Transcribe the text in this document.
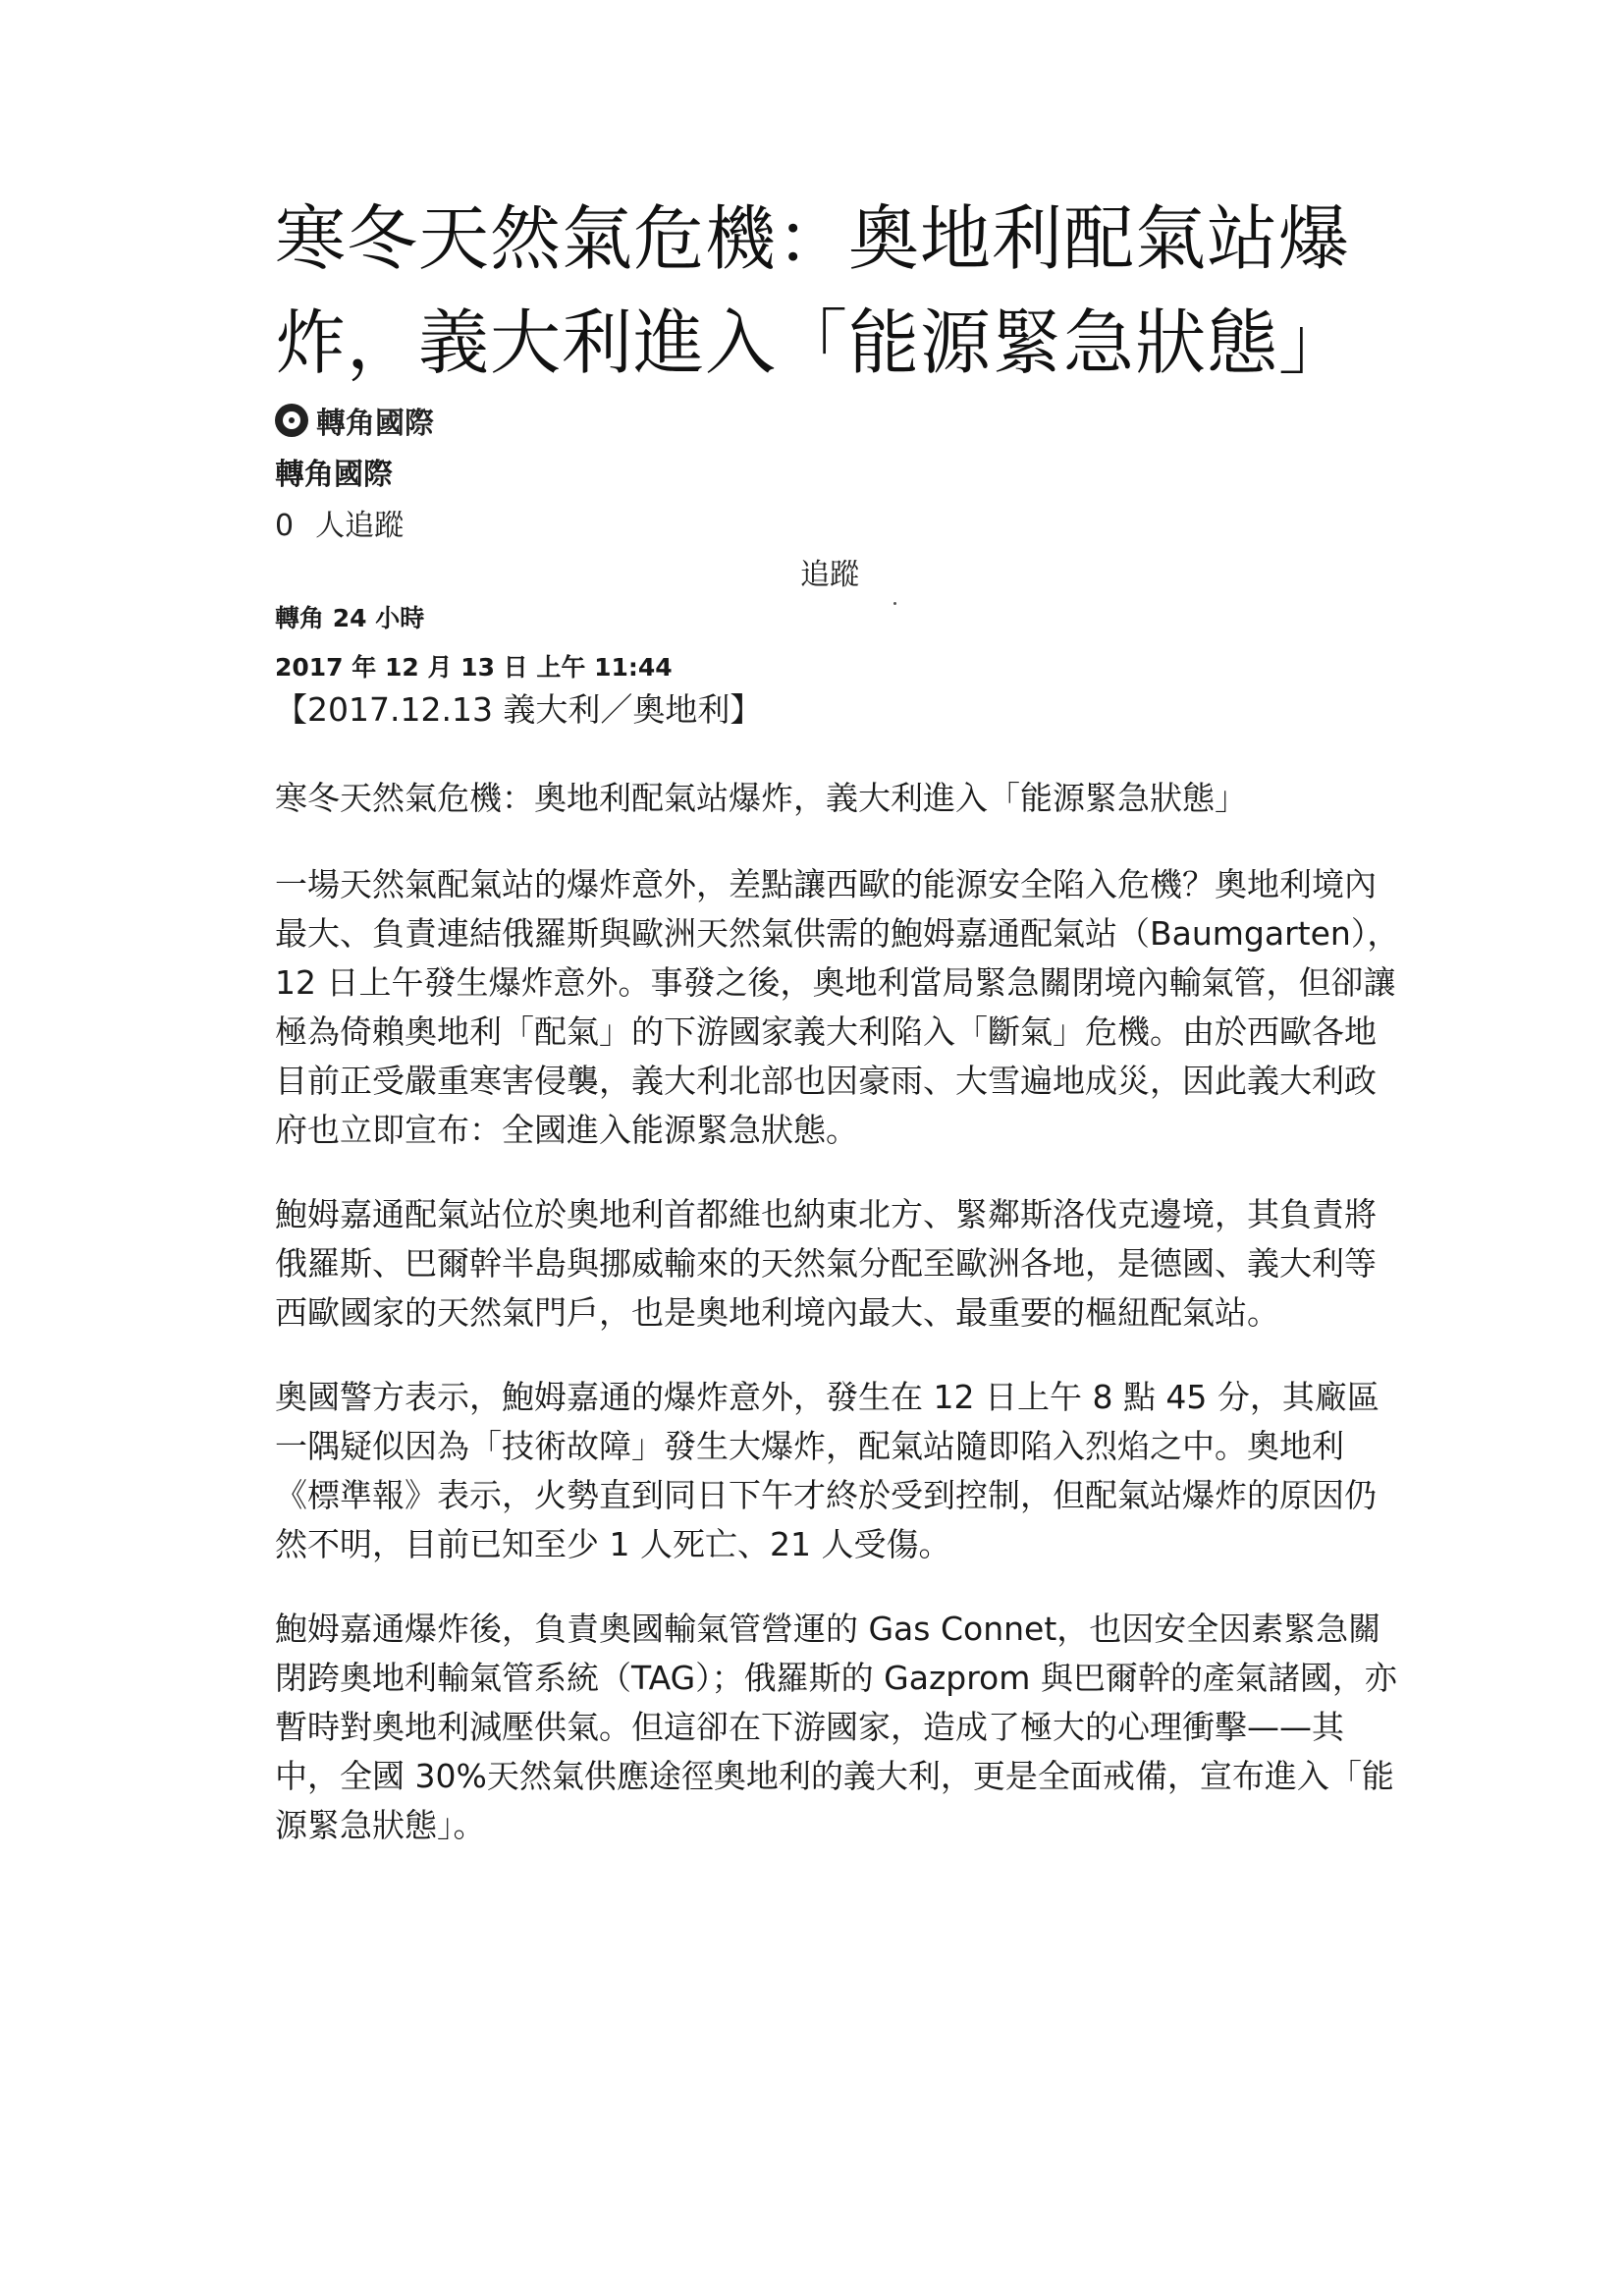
寒冬天然氣危機：奧地利配氣站爆炸，義大利進入「能源緊急狀態」
轉角國際
轉角國際
0 人追蹤
追蹤
轉角 24 小時
2017 年 12 月 13 日 上午 11:44

【2017.12.13 義大利／奧地利】

寒冬天然氣危機：奧地利配氣站爆炸，義大利進入「能源緊急狀態」

一場天然氣配氣站的爆炸意外，差點讓西歐的能源安全陷入危機？奧地利境內最大、負責連結俄羅斯與歐洲天然氣供需的鮑姆嘉通配氣站（Baumgarten），12 日上午發生爆炸意外。事發之後，奧地利當局緊急關閉境內輸氣管，但卻讓極為倚賴奧地利「配氣」的下游國家義大利陷入「斷氣」危機。由於西歐各地目前正受嚴重寒害侵襲，義大利北部也因豪雨、大雪遍地成災，因此義大利政府也立即宣布：全國進入能源緊急狀態。

鮑姆嘉通配氣站位於奧地利首都維也納東北方、緊鄰斯洛伐克邊境，其負責將俄羅斯、巴爾幹半島與挪威輸來的天然氣分配至歐洲各地，是德國、義大利等西歐國家的天然氣門戶，也是奧地利境內最大、最重要的樞紐配氣站。

奧國警方表示，鮑姆嘉通的爆炸意外，發生在 12 日上午 8 點 45 分，其廠區一隅疑似因為「技術故障」發生大爆炸，配氣站隨即陷入烈焰之中。奧地利《標準報》表示，火勢直到同日下午才終於受到控制，但配氣站爆炸的原因仍然不明，目前已知至少 1 人死亡、21 人受傷。

鮑姆嘉通爆炸後，負責奧國輸氣管營運的 Gas Connet，也因安全因素緊急關閉跨奧地利輸氣管系統（TAG）；俄羅斯的 Gazprom 與巴爾幹的產氣諸國，亦暫時對奧地利減壓供氣。但這卻在下游國家，造成了極大的心理衝擊——其中，全國 30%天然氣供應途徑奧地利的義大利，更是全面戒備，宣布進入「能源緊急狀態」。
